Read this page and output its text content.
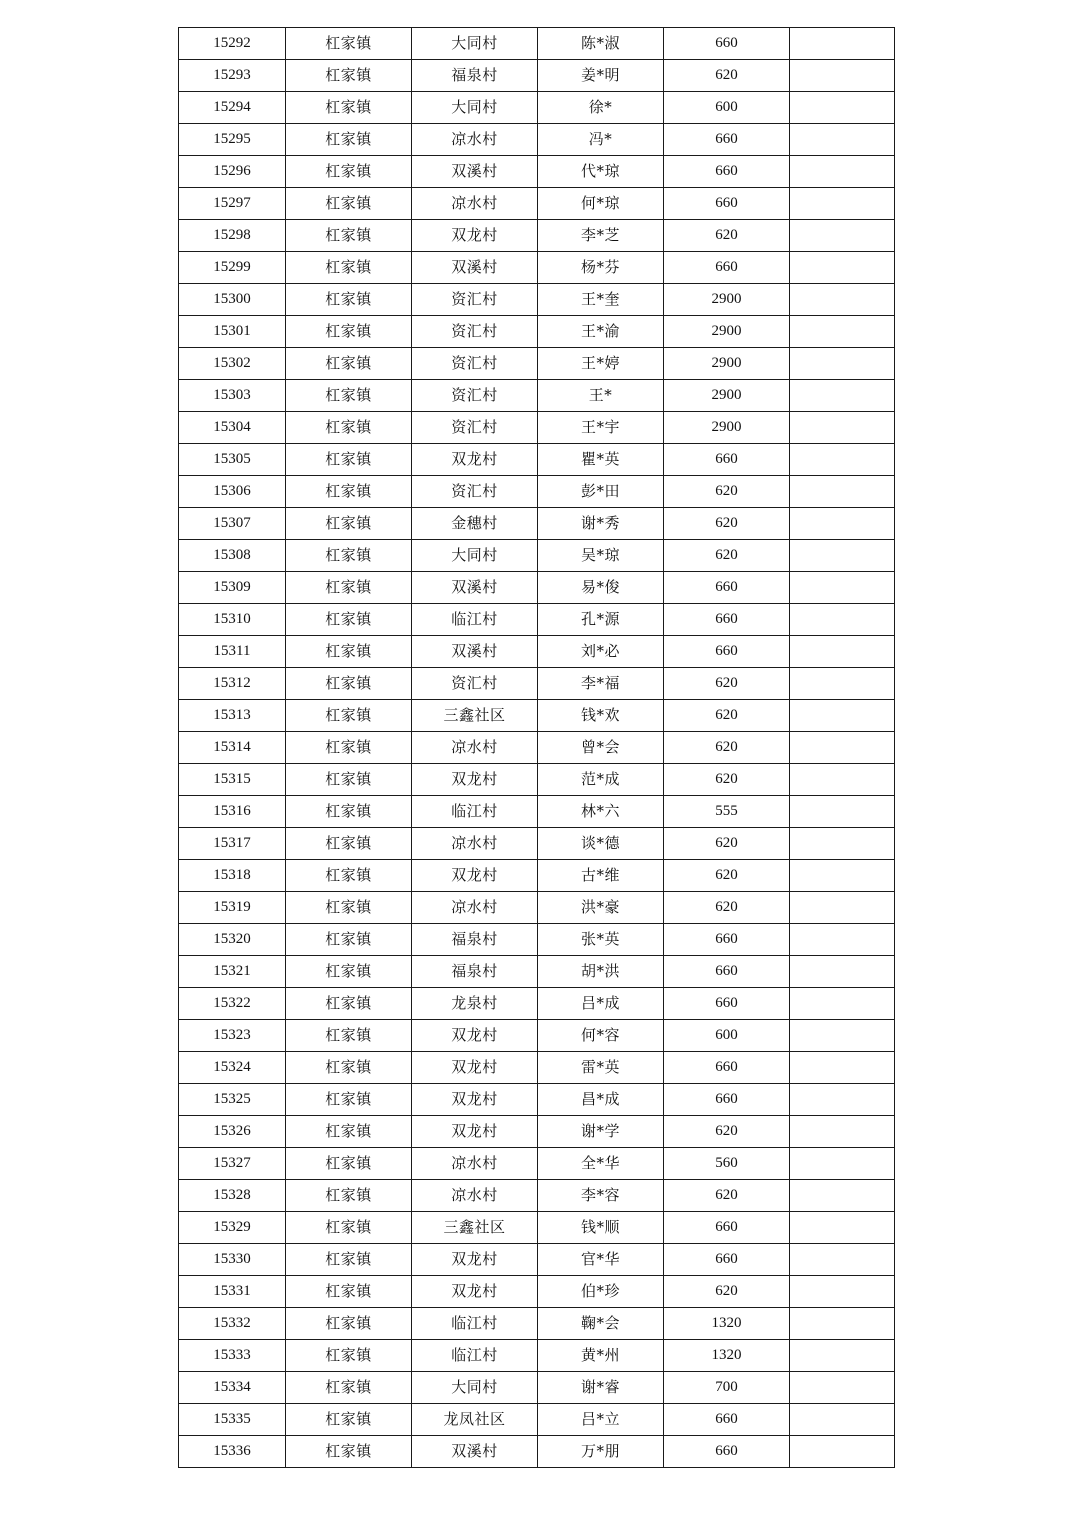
15292	杠家镇	大同村	陈*淑	660	
15293	杠家镇	福泉村	姜*明	620	
15294	杠家镇	大同村	徐*	600	
15295	杠家镇	凉水村	冯*	660	
15296	杠家镇	双溪村	代*琼	660	
15297	杠家镇	凉水村	何*琼	660	
15298	杠家镇	双龙村	李*芝	620	
15299	杠家镇	双溪村	杨*芬	660	
15300	杠家镇	资汇村	王*奎	2900	
15301	杠家镇	资汇村	王*渝	2900	
15302	杠家镇	资汇村	王*婷	2900	
15303	杠家镇	资汇村	王*	2900	
15304	杠家镇	资汇村	王*宇	2900	
15305	杠家镇	双龙村	瞿*英	660	
15306	杠家镇	资汇村	彭*田	620	
15307	杠家镇	金穗村	谢*秀	620	
15308	杠家镇	大同村	吴*琼	620	
15309	杠家镇	双溪村	易*俊	660	
15310	杠家镇	临江村	孔*源	660	
15311	杠家镇	双溪村	刘*必	660	
15312	杠家镇	资汇村	李*福	620	
15313	杠家镇	三鑫社区	钱*欢	620	
15314	杠家镇	凉水村	曾*会	620	
15315	杠家镇	双龙村	范*成	620	
15316	杠家镇	临江村	林*六	555	
15317	杠家镇	凉水村	谈*德	620	
15318	杠家镇	双龙村	古*维	620	
15319	杠家镇	凉水村	洪*豪	620	
15320	杠家镇	福泉村	张*英	660	
15321	杠家镇	福泉村	胡*洪	660	
15322	杠家镇	龙泉村	吕*成	660	
15323	杠家镇	双龙村	何*容	600	
15324	杠家镇	双龙村	雷*英	660	
15325	杠家镇	双龙村	昌*成	660	
15326	杠家镇	双龙村	谢*学	620	
15327	杠家镇	凉水村	全*华	560	
15328	杠家镇	凉水村	李*容	620	
15329	杠家镇	三鑫社区	钱*顺	660	
15330	杠家镇	双龙村	官*华	660	
15331	杠家镇	双龙村	伯*珍	620	
15332	杠家镇	临江村	鞠*会	1320	
15333	杠家镇	临江村	黄*州	1320	
15334	杠家镇	大同村	谢*睿	700	
15335	杠家镇	龙凤社区	吕*立	660	
15336	杠家镇	双溪村	万*朋	660	
